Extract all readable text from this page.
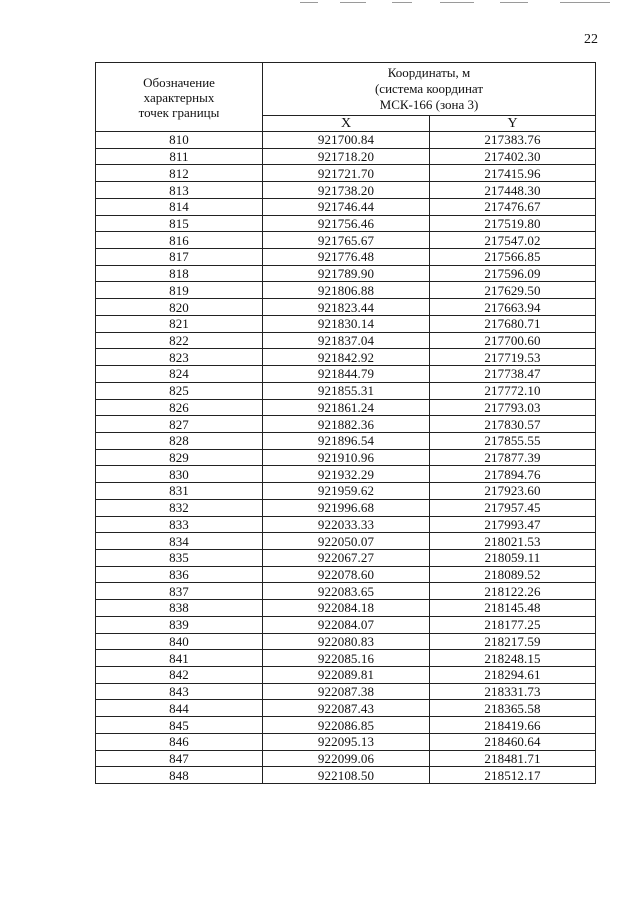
22
Обозначение
характерных
точек границы	Координаты, м
(система координат
МСК-166 (зона 3)	

	X	Y
810	921700.84	217383.76
811	921718.20	217402.30
812	921721.70	217415.96
813	921738.20	217448.30
814	921746.44	217476.67
815	921756.46	217519.80
816	921765.67	217547.02
817	921776.48	217566.85
818	921789.90	217596.09
819	921806.88	217629.50
820	921823.44	217663.94
821	921830.14	217680.71
822	921837.04	217700.60
823	921842.92	217719.53
824	921844.79	217738.47
825	921855.31	217772.10
826	921861.24	217793.03
827	921882.36	217830.57
828	921896.54	217855.55
829	921910.96	217877.39
830	921932.29	217894.76
831	921959.62	217923.60
832	921996.68	217957.45
833	922033.33	217993.47
834	922050.07	218021.53
835	922067.27	218059.11
836	922078.60	218089.52
837	922083.65	218122.26
838	922084.18	218145.48
839	922084.07	218177.25
840	922080.83	218217.59
841	922085.16	218248.15
842	922089.81	218294.61
843	922087.38	218331.73
844	922087.43	218365.58
845	922086.85	218419.66
846	922095.13	218460.64
847	922099.06	218481.71
848	922108.50	218512.17
